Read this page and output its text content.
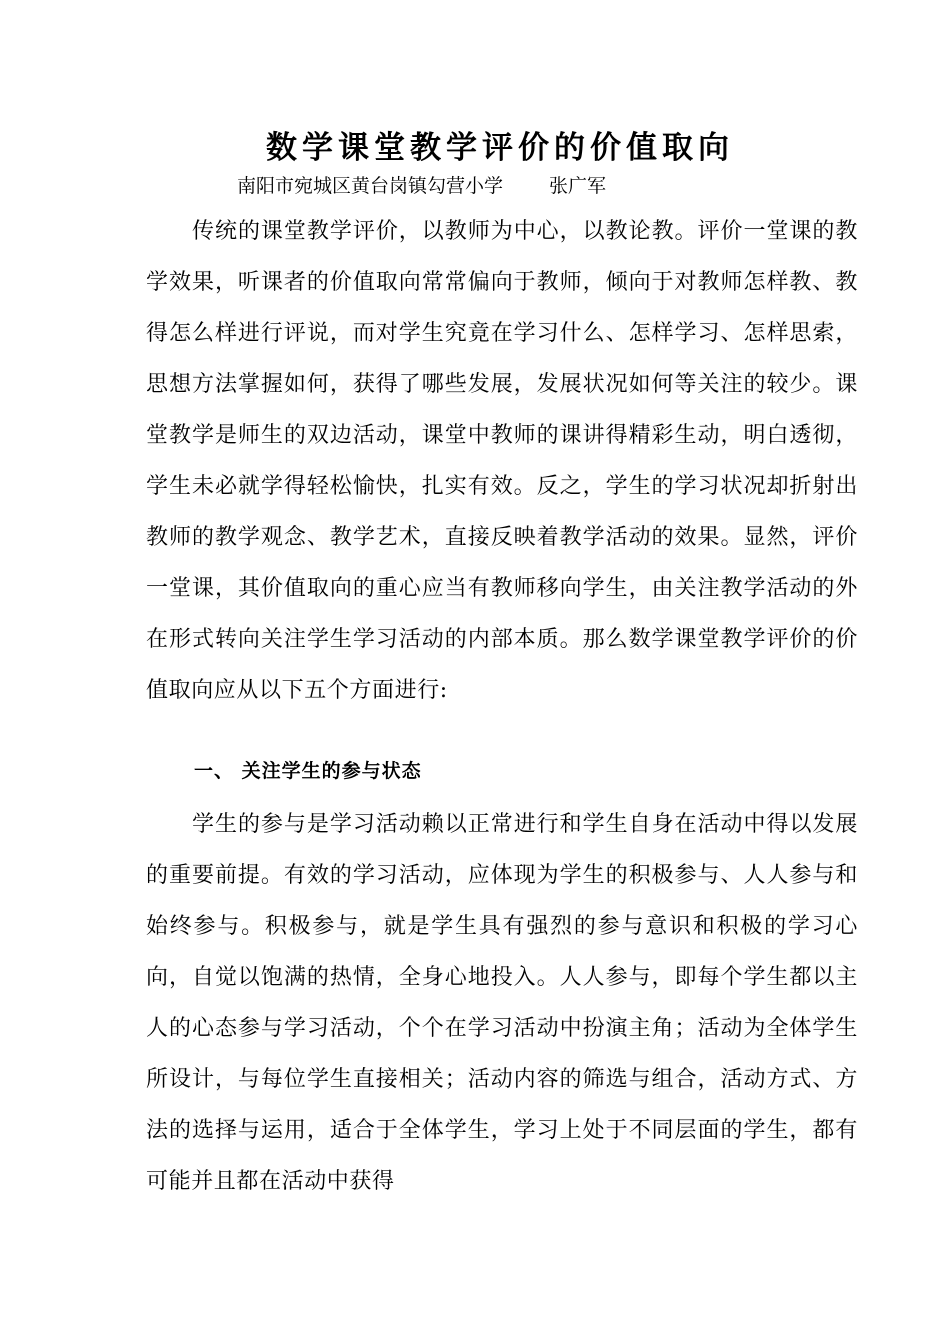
数学课堂教学评价的价值取向
南阳市宛城区黄台岗镇勾营小学 张广军

传统的课堂教学评价，以教师为中心，以教论教。评价一堂课的教学效果，听课者的价值取向常常偏向于教师，倾向于对教师怎样教、教得怎么样进行评说，而对学生究竟在学习什么、怎样学习、怎样思索，思想方法掌握如何，获得了哪些发展，发展状况如何等关注的较少。课堂教学是师生的双边活动，课堂中教师的课讲得精彩生动，明白透彻，学生未必就学得轻松愉快，扎实有效。反之，学生的学习状况却折射出教师的教学观念、教学艺术，直接反映着教学活动的效果。显然，评价一堂课，其价值取向的重心应当有教师移向学生，由关注教学活动的外在形式转向关注学生学习活动的内部本质。那么数学课堂教学评价的价值取向应从以下五个方面进行:

一、 关注学生的参与状态

学生的参与是学习活动赖以正常进行和学生自身在活动中得以发展的重要前提。有效的学习活动，应体现为学生的积极参与、人人参与和始终参与。积极参与，就是学生具有强烈的参与意识和积极的学习心向，自觉以饱满的热情，全身心地投入。人人参与，即每个学生都以主人的心态参与学习活动，个个在学习活动中扮演主角；活动为全体学生所设计，与每位学生直接相关；活动内容的筛选与组合，活动方式、方法的选择与运用，适合于全体学生，学习上处于不同层面的学生，都有可能并且都在活动中获得
